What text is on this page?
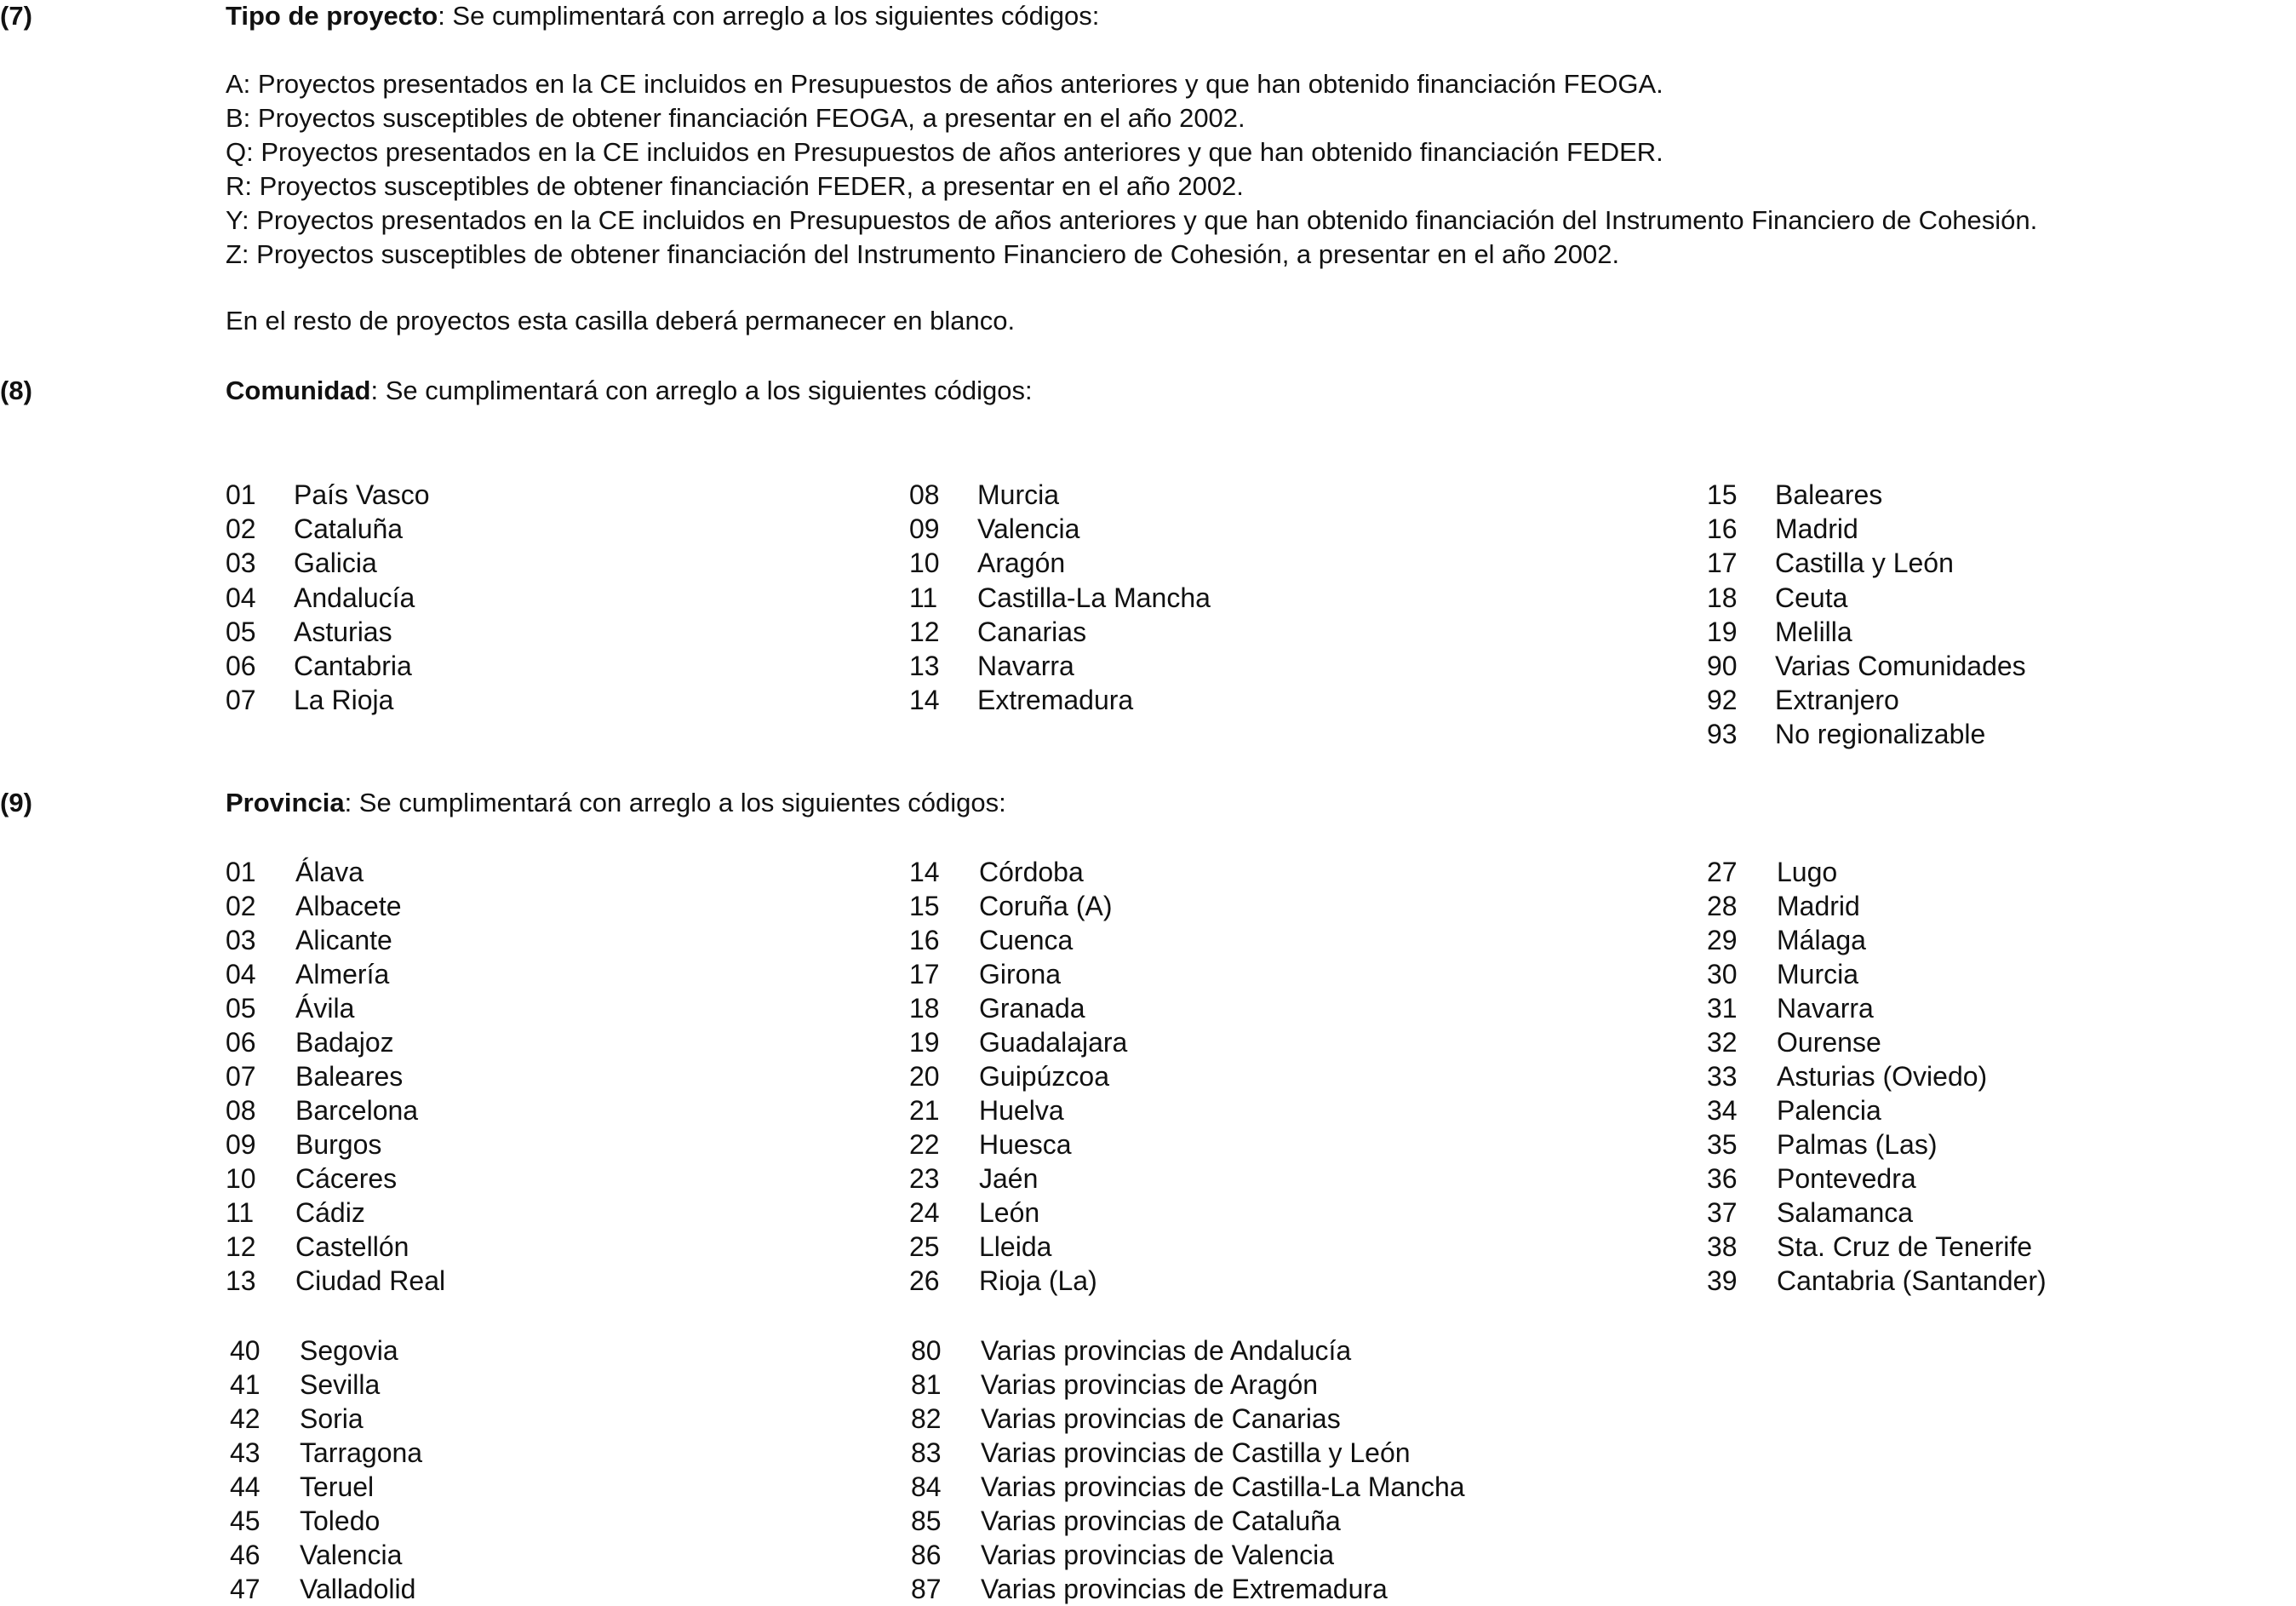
(7)	Tipo de proyecto: Se cumplimentará con arreglo a los siguientes códigos:
A: Proyectos presentados en la CE incluidos en Presupuestos de años anteriores y que han obtenido financiación FEOGA.
B: Proyectos susceptibles de obtener financiación FEOGA, a presentar en el año 2002.
Q: Proyectos presentados en la CE incluidos en Presupuestos de años anteriores y que han obtenido financiación FEDER.
R: Proyectos susceptibles de obtener financiación FEDER, a presentar en el año 2002.
Y: Proyectos presentados en la CE incluidos en Presupuestos de años anteriores y que han obtenido financiación del Instrumento Financiero de Cohesión.
Z: Proyectos susceptibles de obtener financiación del Instrumento Financiero de Cohesión, a presentar en el año 2002.
En el resto de proyectos esta casilla deberá permanecer en blanco.
(8)	Comunidad: Se cumplimentará con arreglo a los siguientes códigos:
01	País Vasco
02	Cataluña
03	Galicia
04	Andalucía
05	Asturias
06	Cantabria
07	La Rioja
08	Murcia
09	Valencia
10	Aragón
11	Castilla-La Mancha
12	Canarias
13	Navarra
14	Extremadura
15	Baleares
16	Madrid
17	Castilla y León
18	Ceuta
19	Melilla
90	Varias Comunidades
92	Extranjero
93	No regionalizable
(9)	Provincia: Se cumplimentará con arreglo a los siguientes códigos:
01	Álava
02	Albacete
03	Alicante
04	Almería
05	Ávila
06	Badajoz
07	Baleares
08	Barcelona
09	Burgos
10	Cáceres
11	Cádiz
12	Castellón
13	Ciudad Real
14	Córdoba
15	Coruña (A)
16	Cuenca
17	Girona
18	Granada
19	Guadalajara
20	Guipúzcoa
21	Huelva
22	Huesca
23	Jaén
24	León
25	Lleida
26	Rioja (La)
27	Lugo
28	Madrid
29	Málaga
30	Murcia
31	Navarra
32	Ourense
33	Asturias (Oviedo)
34	Palencia
35	Palmas (Las)
36	Pontevedra
37	Salamanca
38	Sta. Cruz de Tenerife
39	Cantabria (Santander)
40	Segovia
41	Sevilla
42	Soria
43	Tarragona
44	Teruel
45	Toledo
46	Valencia
47	Valladolid
80	Varias provincias de Andalucía
81	Varias provincias de Aragón
82	Varias provincias de Canarias
83	Varias provincias de Castilla y León
84	Varias provincias de Castilla-La Mancha
85	Varias provincias de Cataluña
86	Varias provincias de Valencia
87	Varias provincias de Extremadura
